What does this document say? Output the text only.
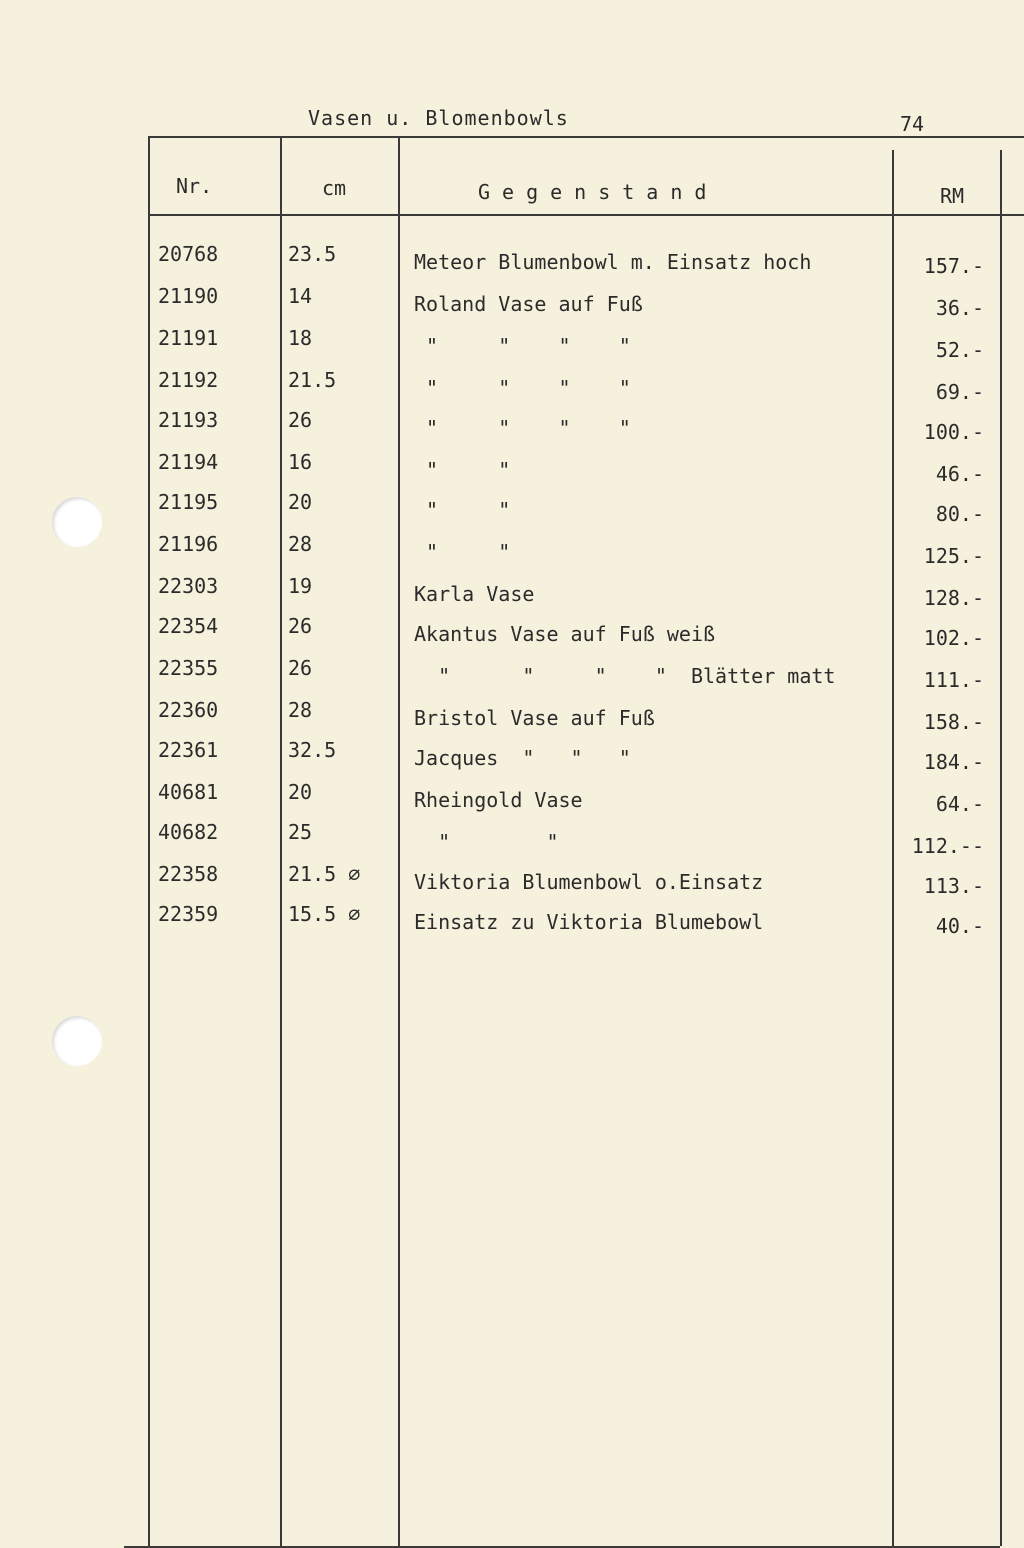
Vasen u. Blomenbowls	74
Nr.	cm	Gegenstand	RM
20768	23.5	Meteor Blumenbowl m. Einsatz hoch	157.-
21190	14	Roland Vase auf Fuß	36.-
21191	18	"     "    "    "	52.-
21192	21.5	"     "    "    "	69.-
21193	26	"     "    "    "	100.-
21194	16	"     "	46.-
21195	20	"     "	80.-
21196	28	"     "	125.-
22303	19	Karla Vase	128.-
22354	26	Akantus Vase auf Fuß weiß	102.-
22355	26	"      "     "    "  Blätter matt	111.-
22360	28	Bristol Vase auf Fuß	158.-
22361	32.5	Jacques  "   "   "	184.-
40681	20	Rheingold Vase	64.-
40682	25	"        "	112.--
22358	21.5 ∅	Viktoria Blumenbowl o.Einsatz	113.-
22359	15.5 ∅	Einsatz zu Viktoria Blumebowl	40.-
